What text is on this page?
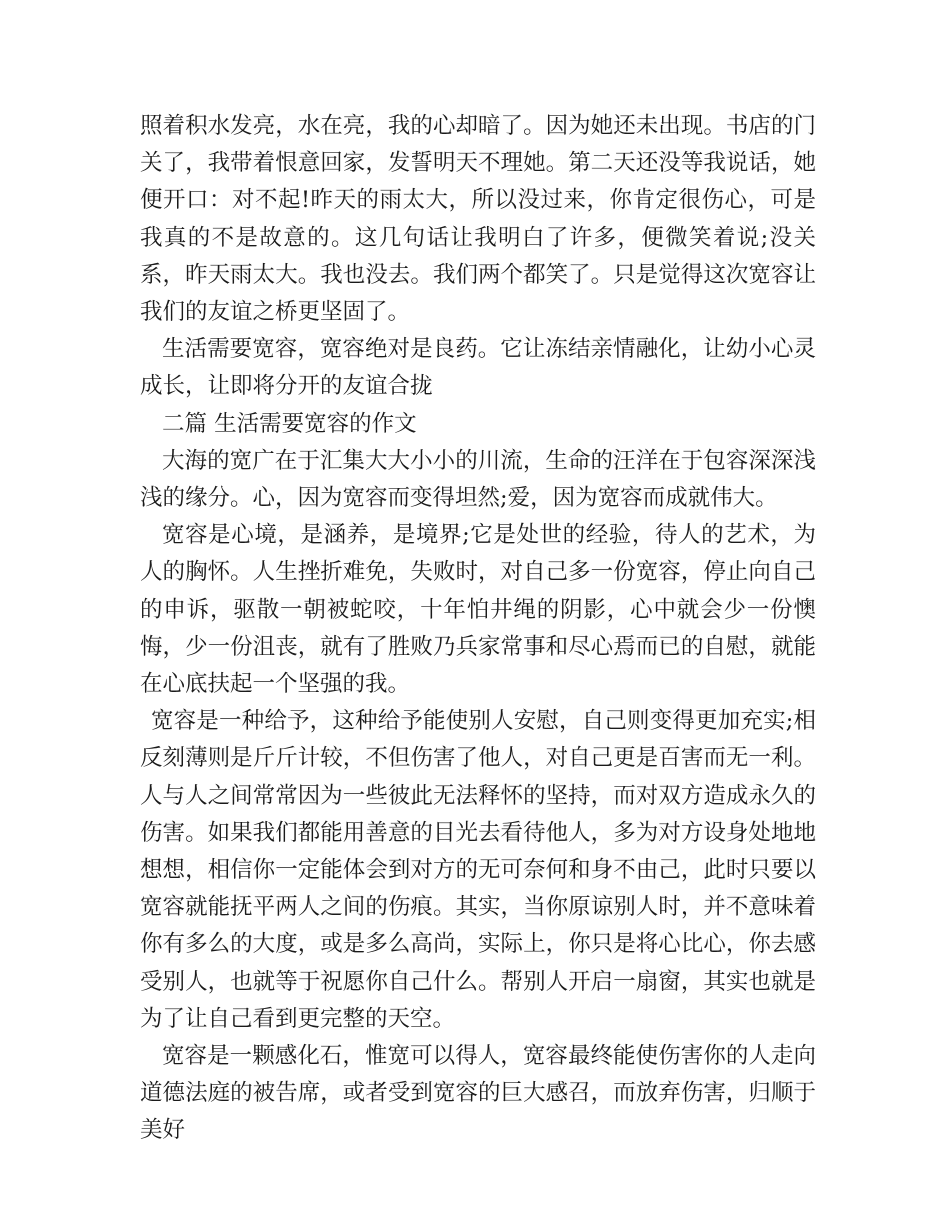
照着积水发亮，水在亮，我的心却暗了。因为她还未出现。书店的门关了，我带着恨意回家，发誓明天不理她。第二天还没等我说话，她便开口：对不起!昨天的雨太大，所以没过来，你肯定很伤心，可是我真的不是故意的。这几句话让我明白了许多，便微笑着说;没关系，昨天雨太大。我也没去。我们两个都笑了。只是觉得这次宽容让我们的友谊之桥更坚固了。

生活需要宽容，宽容绝对是良药。它让冻结亲情融化，让幼小心灵成长，让即将分开的友谊合拢

二篇 生活需要宽容的作文

大海的宽广在于汇集大大小小的川流，生命的汪洋在于包容深深浅浅的缘分。心，因为宽容而变得坦然;爱，因为宽容而成就伟大。

宽容是心境，是涵养，是境界;它是处世的经验，待人的艺术，为人的胸怀。人生挫折难免，失败时，对自己多一份宽容，停止向自己的申诉，驱散一朝被蛇咬，十年怕井绳的阴影，心中就会少一份懊悔，少一份沮丧，就有了胜败乃兵家常事和尽心焉而已的自慰，就能在心底扶起一个坚强的我。

宽容是一种给予，这种给予能使别人安慰，自己则变得更加充实;相反刻薄则是斤斤计较，不但伤害了他人，对自己更是百害而无一利。人与人之间常常因为一些彼此无法释怀的坚持，而对双方造成永久的伤害。如果我们都能用善意的目光去看待他人，多为对方设身处地地想想，相信你一定能体会到对方的无可奈何和身不由己，此时只要以宽容就能抚平两人之间的伤痕。其实，当你原谅别人时，并不意味着你有多么的大度，或是多么高尚，实际上，你只是将心比心，你去感受别人，也就等于祝愿你自己什么。帮别人开启一扇窗，其实也就是为了让自己看到更完整的天空。

宽容是一颗感化石，惟宽可以得人，宽容最终能使伤害你的人走向道德法庭的被告席，或者受到宽容的巨大感召，而放弃伤害，归顺于美好
